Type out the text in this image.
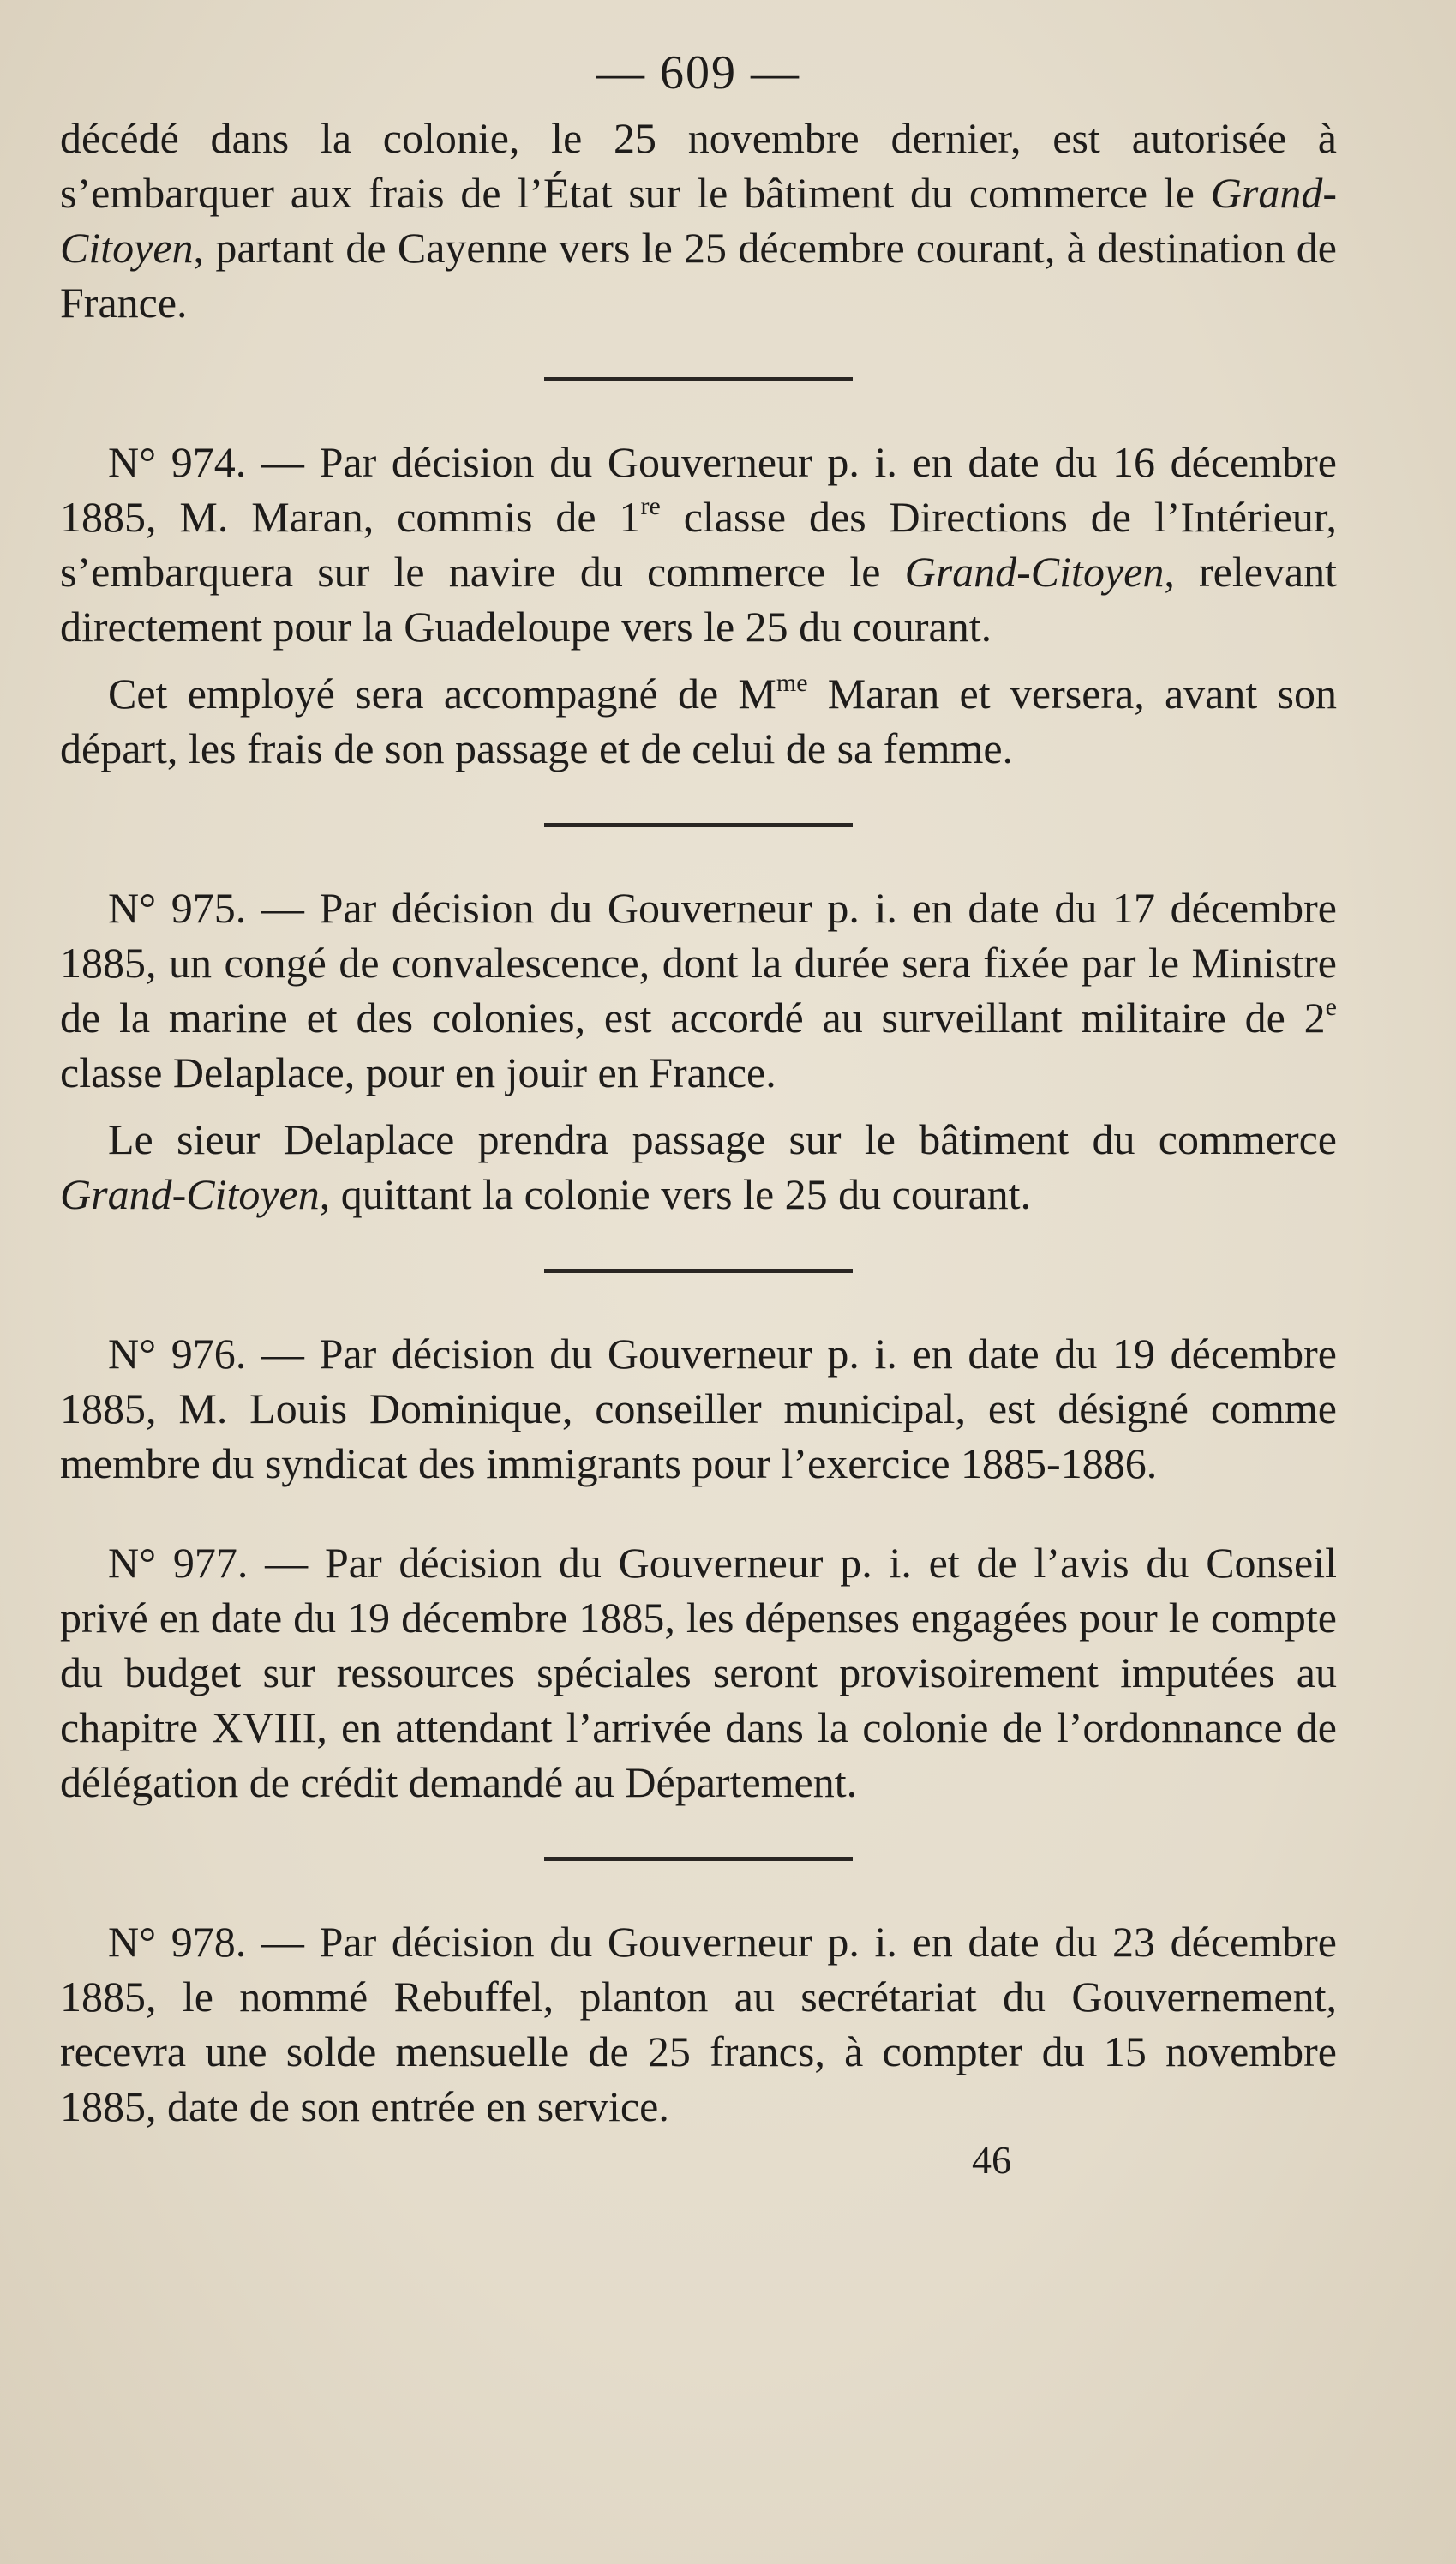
— 609 —

décédé dans la colonie, le 25 novembre dernier, est autorisée à s’embarquer aux frais de l’État sur le bâtiment du commerce le Grand-Citoyen, partant de Cayenne vers le 25 décembre courant, à destination de France.

N° 974. — Par décision du Gouverneur p. i. en date du 16 décembre 1885, M. Maran, commis de 1re classe des Directions de l’Intérieur, s’embarquera sur le navire du commerce le Grand-Citoyen, relevant directement pour la Guadeloupe vers le 25 du courant.

Cet employé sera accompagné de $M^{me}$ Maran et versera, avant son départ, les frais de son passage et de celui de sa femme.

N° 975. — Par décision du Gouverneur p. i. en date du 17 décembre 1885, un congé de convalescence, dont la durée sera fixée par le Ministre de la marine et des colonies, est accordé au surveillant militaire de 2e classe Delaplace, pour en jouir en France.

Le sieur Delaplace prendra passage sur le bâtiment du commerce Grand-Citoyen, quittant la colonie vers le 25 du courant.

N° 976. — Par décision du Gouverneur p. i. en date du 19 décembre 1885, M. Louis Dominique, conseiller municipal, est désigné comme membre du syndicat des immigrants pour l’exercice 1885-1886.

N° 977. — Par décision du Gouverneur p. i. et de l’avis du Conseil privé en date du 19 décembre 1885, les dépenses engagées pour le compte du budget sur ressources spéciales seront provisoirement imputées au chapitre XVIII, en attendant l’arrivée dans la colonie de l’ordonnance de délégation de crédit demandé au Département.

N° 978. — Par décision du Gouverneur p. i. en date du 23 décembre 1885, le nommé Rebuffel, planton au secrétariat du Gouvernement, recevra une solde mensuelle de 25 francs, à compter du 15 novembre 1885, date de son entrée en service.

46
